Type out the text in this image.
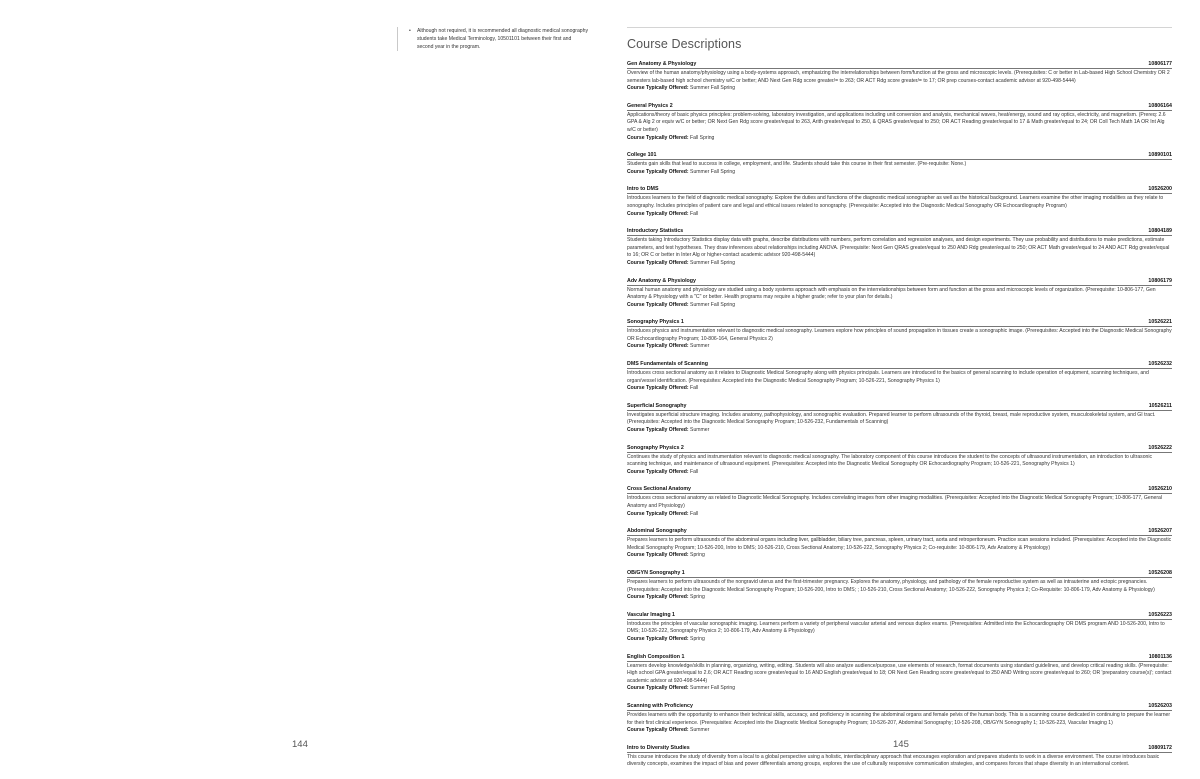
•	Although not required, it is recommended all diagnostic medical sonography students take Medical Terminology, 10501101 between their first and second year in the program.
144
Course Descriptions
Gen Anatomy & Physiology	10806177
Overview of the human anatomy/physiology using a body-systems approach, emphasizing the interrelationships between form/function at the gross and microscopic levels. (Prerequisites: C or better in Lab-based High School Chemistry OR 2 semesters lab-based high school chemistry w/C or better; AND Next Gen Rdg score greater/= to 263; OR ACT Rdg score greater/= to 17; OR prep courses-contact academic advisor at 920-498-5444)
Course Typically Offered: Summer Fall Spring
General Physics 2	10806164
Applications/theory of basic physics principles: problem-solving, laboratory investigation, and applications including unit conversion and analysis, mechanical waves, heat/energy, sound and ray optics, electricity, and magnetism. (Prereq: 2.6 GPA & Alg 2 or equiv w/C or better; OR Next Gen Rdg score greater/equal to 263, Arith greater/equal to 250, & QRAS greater/equal to 250; OR ACT Reading greater/equal to 17 & Math greater/equal to 24; OR Coll Tech Math 1A OR Int Alg w/C or better)
Course Typically Offered: Fall Spring
College 101	10890101
Students gain skills that lead to success in college, employment, and life. Students should take this course in their first semester. (Pre-requisite: None.)
Course Typically Offered: Summer Fall Spring
Intro to DMS	10526200
Introduces learners to the field of diagnostic medical sonography. Explore the duties and functions of the diagnostic medical sonographer as well as the historical background. Learners examine the other imaging modalities as they relate to sonography. Includes principles of patient care and legal and ethical issues related to sonography. (Prerequisite: Accepted into the Diagnostic Medical Sonography OR Echocardiography Program)
Course Typically Offered: Fall
Introductory Statistics	10804189
Students taking Introductory Statistics display data with graphs, describe distributions with numbers, perform correlation and regression analyses, and design experiments. They use probability and distributions to make predictions, estimate parameters, and test hypotheses. They draw inferences about relationships including ANOVA. (Prerequisite: Next Gen QRAS greater/equal to 250 AND Rdg greater/equal to 250; OR ACT Math greater/equal to 24 AND ACT Rdg greater/equal to 16; OR C or better in Inter Alg or higher-contact academic advisor 920-498-5444)
Course Typically Offered: Summer Fall Spring
Adv Anatomy & Physiology	10806179
Normal human anatomy and physiology are studied using a body systems approach with emphasis on the interrelationships between form and function at the gross and microscopic levels of organization. (Prerequisite: 10-806-177, Gen Anatomy & Physiology with a "C" or better. Health programs may require a higher grade; refer to your plan for details.)
Course Typically Offered: Summer Fall Spring
Sonography Physics 1	10526221
Introduces physics and instrumentation relevant to diagnostic medical sonography. Learners explore how principles of sound propagation in tissues create a sonographic image. (Prerequisites: Accepted into the Diagnostic Medical Sonography OR Echocardiography Program; 10-806-164, General Physics 2)
Course Typically Offered: Summer
DMS Fundamentals of Scanning	10526232
Introduces cross sectional anatomy as it relates to Diagnostic Medical Sonography along with physics principals. Learners are introduced to the basics of general scanning to include operation of equipment, scanning techniques, and organ/vessel identification. (Prerequisites: Accepted into the Diagnostic Medical Sonography Program; 10-526-221, Sonography Physics 1)
Course Typically Offered: Fall
Superficial Sonography	10526211
Investigates superficial structure imaging. Includes anatomy, pathophysiology, and sonographic evaluation. Prepared learner to perform ultrasounds of the thyroid, breast, male reproductive system, musculoskeletal system, and GI tract. (Prerequisites: Accepted into the Diagnostic Medical Sonography Program; 10-526-232, Fundamentals of Scanning)
Course Typically Offered: Summer
Sonography Physics 2	10526222
Continues the study of physics and instrumentation relevant to diagnostic medical sonography. The laboratory component of this course introduces the student to the concepts of ultrasound instrumentation, an introduction to ultrasonic scanning technique, and maintenance of ultrasound equipment. (Prerequisites: Accepted into the Diagnostic Medical Sonography OR Echocardiography Program; 10-526-221, Sonography Physics 1)
Course Typically Offered: Fall
Cross Sectional Anatomy	10526210
Introduces cross sectional anatomy as related to Diagnostic Medical Sonography. Includes correlating images from other imaging modalities. (Prerequisites: Accepted into the Diagnostic Medical Sonography Program; 10-806-177, General Anatomy and Physiology)
Course Typically Offered: Fall
Abdominal Sonography	10526207
Prepares learners to perform ultrasounds of the abdominal organs including liver, gallbladder, biliary tree, pancreas, spleen, urinary tract, aorta and retroperitoneum. Practice scan sessions included. (Prerequisites: Accepted into the Diagnostic Medical Sonography Program; 10-526-200, Intro to DMS; 10-526-210, Cross Sectional Anatomy; 10-526-222, Sonography Physics 2; Co-requisite: 10-806-179, Adv Anatomy & Physiology)
Course Typically Offered: Spring
OB/GYN Sonography 1	10526208
Prepares learners to perform ultrasounds of the nongravid uterus and the first-trimester pregnancy. Explores the anatomy, physiology, and pathology of the female reproductive system as well as intrauterine and ectopic pregnancies. (Prerequisites: Accepted into the Diagnostic Medical Sonography Program; 10-526-200, Intro to DMS; ; 10-526-210, Cross Sectional Anatomy; 10-526-222, Sonography Physics 2; Co-Requisite: 10-806-179, Adv Anatomy & Physiology)
Course Typically Offered: Spring
Vascular Imaging 1	10526223
Introduces the principles of vascular sonographic imaging. Learners perform a variety of peripheral vascular arterial and venous duplex exams. (Prerequisites: Admitted into the Echocardiography OR DMS program AND 10-526-200, Intro to DMS; 10-526-222, Sonography Physics 2; 10-806-179, Adv Anatomy & Physiology)
Course Typically Offered: Spring
English Composition 1	10801136
Learners develop knowledge/skills in planning, organizing, writing, editing. Students will also analyze audience/purpose, use elements of research, format documents using standard guidelines, and develop critical reading skills. (Prerequisite: High school GPA greater/equal to 2.6; OR ACT Reading score greater/equal to 16 AND English greater/equal to 18; OR Next Gen Reading score greater/equal to 250 AND Writing score greater/equal to 260; OR 'preparatory course(s)'; contact academic advisor at 920-498-5444)
Course Typically Offered: Summer Fall Spring
Scanning with Proficiency	10526203
Provides learners with the opportunity to enhance their technical skills, accuracy, and proficiency in scanning the abdominal organs and female pelvis of the human body. This is a scanning course dedicated in continuing to prepare the learner for their first clinical experience. (Prerequisites: Accepted into the Diagnostic Medical Sonography Program; 10-526-207, Abdominal Sonography; 10-526-208, OB/GYN Sonography 1; 10-526-223, Vascular Imaging 1)
Course Typically Offered: Summer
Intro to Diversity Studies	10809172
This course introduces the study of diversity from a local to a global perspective using a holistic, interdisciplinary approach that encourages exploration and prepares students to work in a diverse environment. The course introduces basic diversity concepts, examines the impact of bias and power differentials among groups, explores the use of culturally responsive communication strategies, and compares forces that shape diversity in an international context.
145
